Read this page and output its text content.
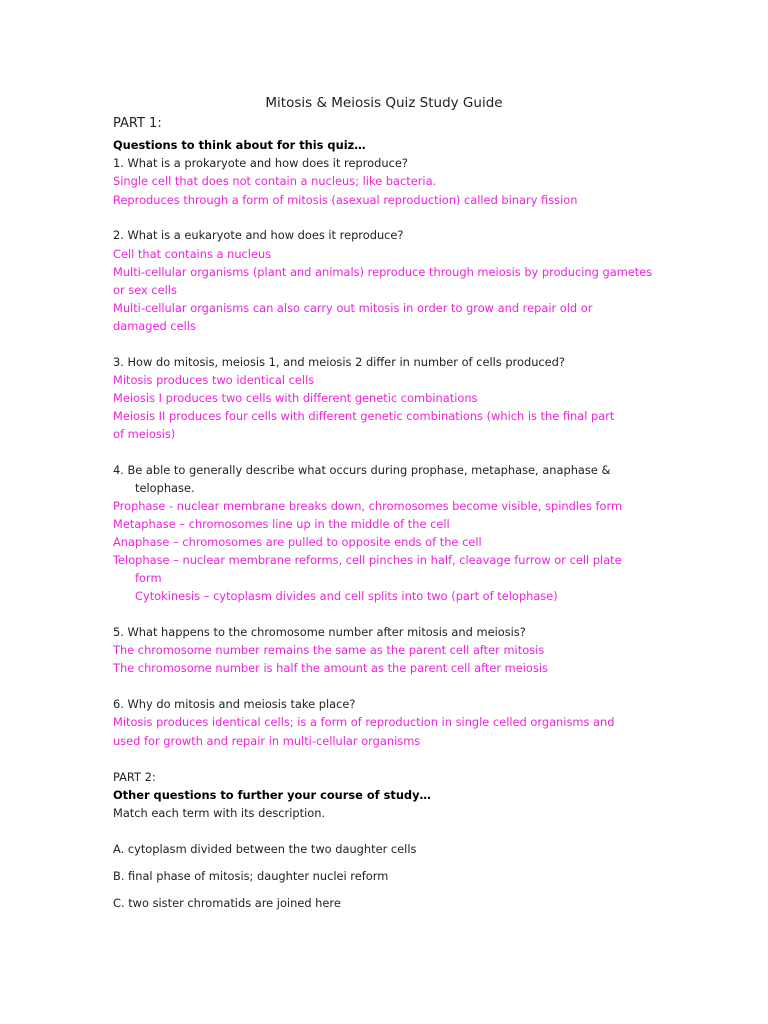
Mitosis & Meiosis Quiz Study Guide
PART 1:
Questions to think about for this quiz…
1. What is a prokaryote and how does it reproduce?
Single cell that does not contain a nucleus; like bacteria.
Reproduces through a form of mitosis (asexual reproduction) called binary fission
2. What is a eukaryote and how does it reproduce?
Cell that contains a nucleus
Multi-cellular organisms (plant and animals) reproduce through meiosis by producing gametes
or sex cells
Multi-cellular organisms can also carry out mitosis in order to grow and repair old or
damaged cells
3. How do mitosis, meiosis 1, and meiosis 2 differ in number of cells produced?
Mitosis produces two identical cells
Meiosis I produces two cells with different genetic combinations
Meiosis II produces four cells with different genetic combinations (which is the final part
of meiosis)
4. Be able to generally describe what occurs during prophase, metaphase, anaphase &
telophase.
Prophase - nuclear membrane breaks down, chromosomes become visible, spindles form
Metaphase – chromosomes line up in the middle of the cell
Anaphase – chromosomes are pulled to opposite ends of the cell
Telophase – nuclear membrane reforms, cell pinches in half, cleavage furrow or cell plate
form
Cytokinesis – cytoplasm divides and cell splits into two (part of telophase)
5. What happens to the chromosome number after mitosis and meiosis?
The chromosome number remains the same as the parent cell after mitosis
The chromosome number is half the amount as the parent cell after meiosis
6. Why do mitosis and meiosis take place?
Mitosis produces identical cells; is a form of reproduction in single celled organisms and
used for growth and repair in multi-cellular organisms
PART 2:
Other questions to further your course of study…
Match each term with its description.
A. cytoplasm divided between the two daughter cells
B. final phase of mitosis; daughter nuclei reform
C. two sister chromatids are joined here
